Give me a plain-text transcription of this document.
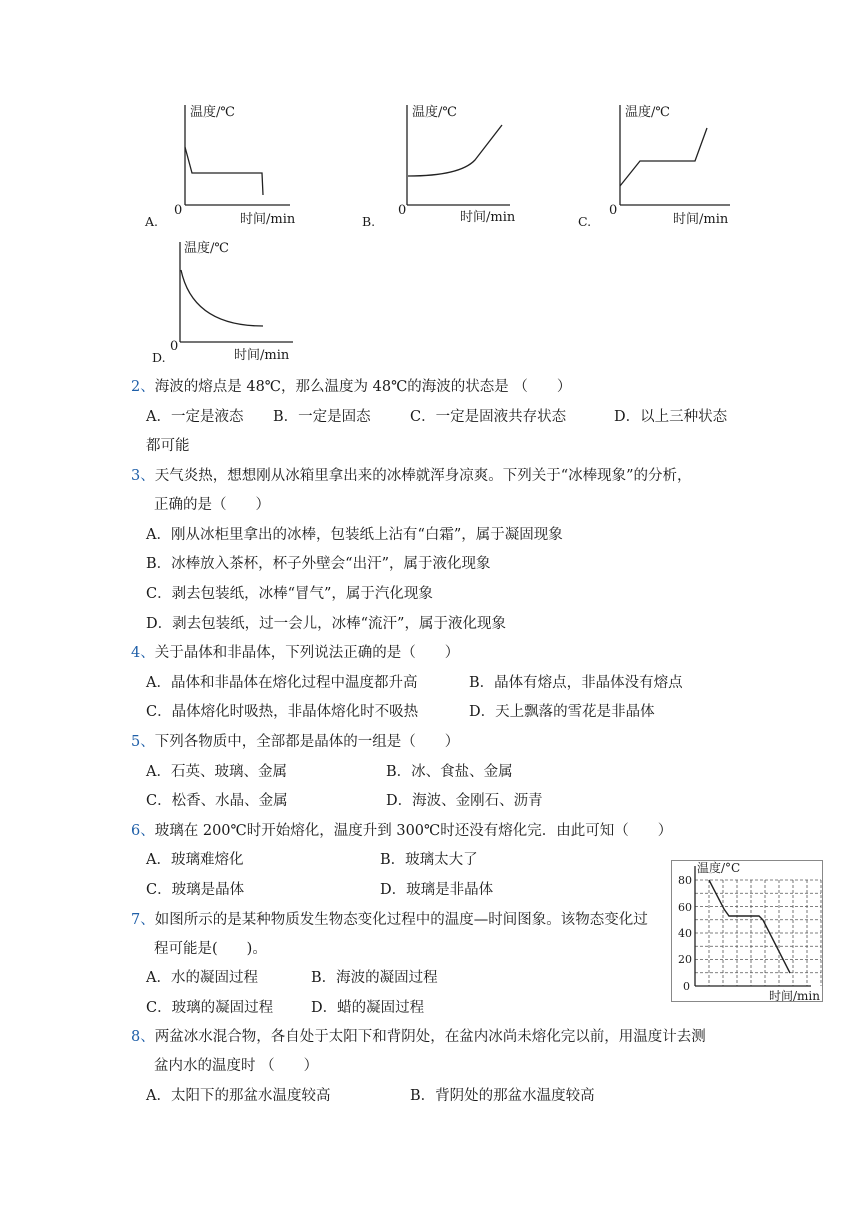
温度/℃
时间/min
0
A.
温度/℃
时间/min
0
B.
温度/℃
时间/min
0
C.
温度/℃
时间/min
0
D.
2、海波的熔点是 48℃，那么温度为 48℃的海波的状态是 （　　）
A．一定是液态 B．一定是固态	C．一定是固液共存状态	D．以上三种状态
都可能
3、天气炎热，想想刚从冰箱里拿出来的冰棒就浑身凉爽。下列关于“冰棒现象”的分析，
正确的是（　　）
A．刚从冰柜里拿出的冰棒，包装纸上沾有“白霜”，属于凝固现象
B．冰棒放入茶杯，杯子外壁会“出汗”，属于液化现象
C．剥去包装纸，冰棒“冒气”，属于汽化现象
D．剥去包装纸，过一会儿，冰棒“流汗”，属于液化现象
4、关于晶体和非晶体，下列说法正确的是（　　）
A．晶体和非晶体在熔化过程中温度都升高	B．晶体有熔点，非晶体没有熔点
C．晶体熔化时吸热，非晶体熔化时不吸热	D．天上飘落的雪花是非晶体
5、下列各物质中，全部都是晶体的一组是（　　）
A．石英、玻璃、金属	B．冰、食盐、金属
C．松香、水晶、金属	D．海波、金刚石、沥青
6、玻璃在 200℃时开始熔化，温度升到 300℃时还没有熔化完．由此可知（　　）
A．玻璃难熔化	B．玻璃太大了
C．玻璃是晶体	D．玻璃是非晶体
7、如图所示的是某种物质发生物态变化过程中的温度—时间图象。该物态变化过
程可能是(　　)。
A．水的凝固过程	B．海波的凝固过程
C．玻璃的凝固过程	D．蜡的凝固过程
温度/°C
时间/min
80
60
40
20
0
8、两盆冰水混合物，各自处于太阳下和背阴处，在盆内冰尚未熔化完以前，用温度计去测
盆内水的温度时 （　　）
A．太阳下的那盆水温度较高	B．背阴处的那盆水温度较高
